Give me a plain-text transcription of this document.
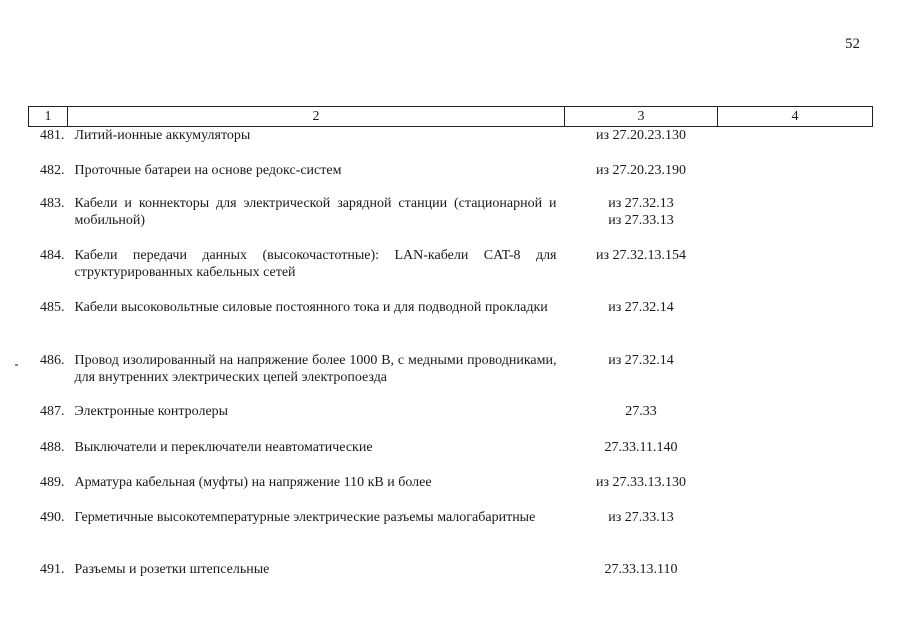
52
1	2	3	4
481.	Литий-ионные аккумуляторы	из 27.20.23.130	

482.	Проточные батареи на основе редокс-систем	из 27.20.23.190	

483.	Кабели и коннекторы для электрической зарядной станции (стационарной и мобильной)	из 27.32.13
из 27.33.13	

484.	Кабели передачи данных (высокочастотные): LAN-кабели CAT-8 для структурированных кабельных сетей	из 27.32.13.154	

485.	Кабели высоковольтные силовые постоянного тока и для подводной прокладки	из 27.32.14	

486.	Провод изолированный на напряжение более 1000 В, с медными проводниками, для внутренних электрических цепей электропоезда	из 27.32.14	

487.	Электронные контролеры	27.33	

488.	Выключатели и переключатели неавтоматические	27.33.11.140	

489.	Арматура кабельная (муфты) на напряжение 110 кВ и более	из 27.33.13.130	

490.	Герметичные высокотемпературные электрические разъемы малогабаритные	из 27.33.13	

491.	Разъемы и розетки штепсельные	27.33.13.110	
